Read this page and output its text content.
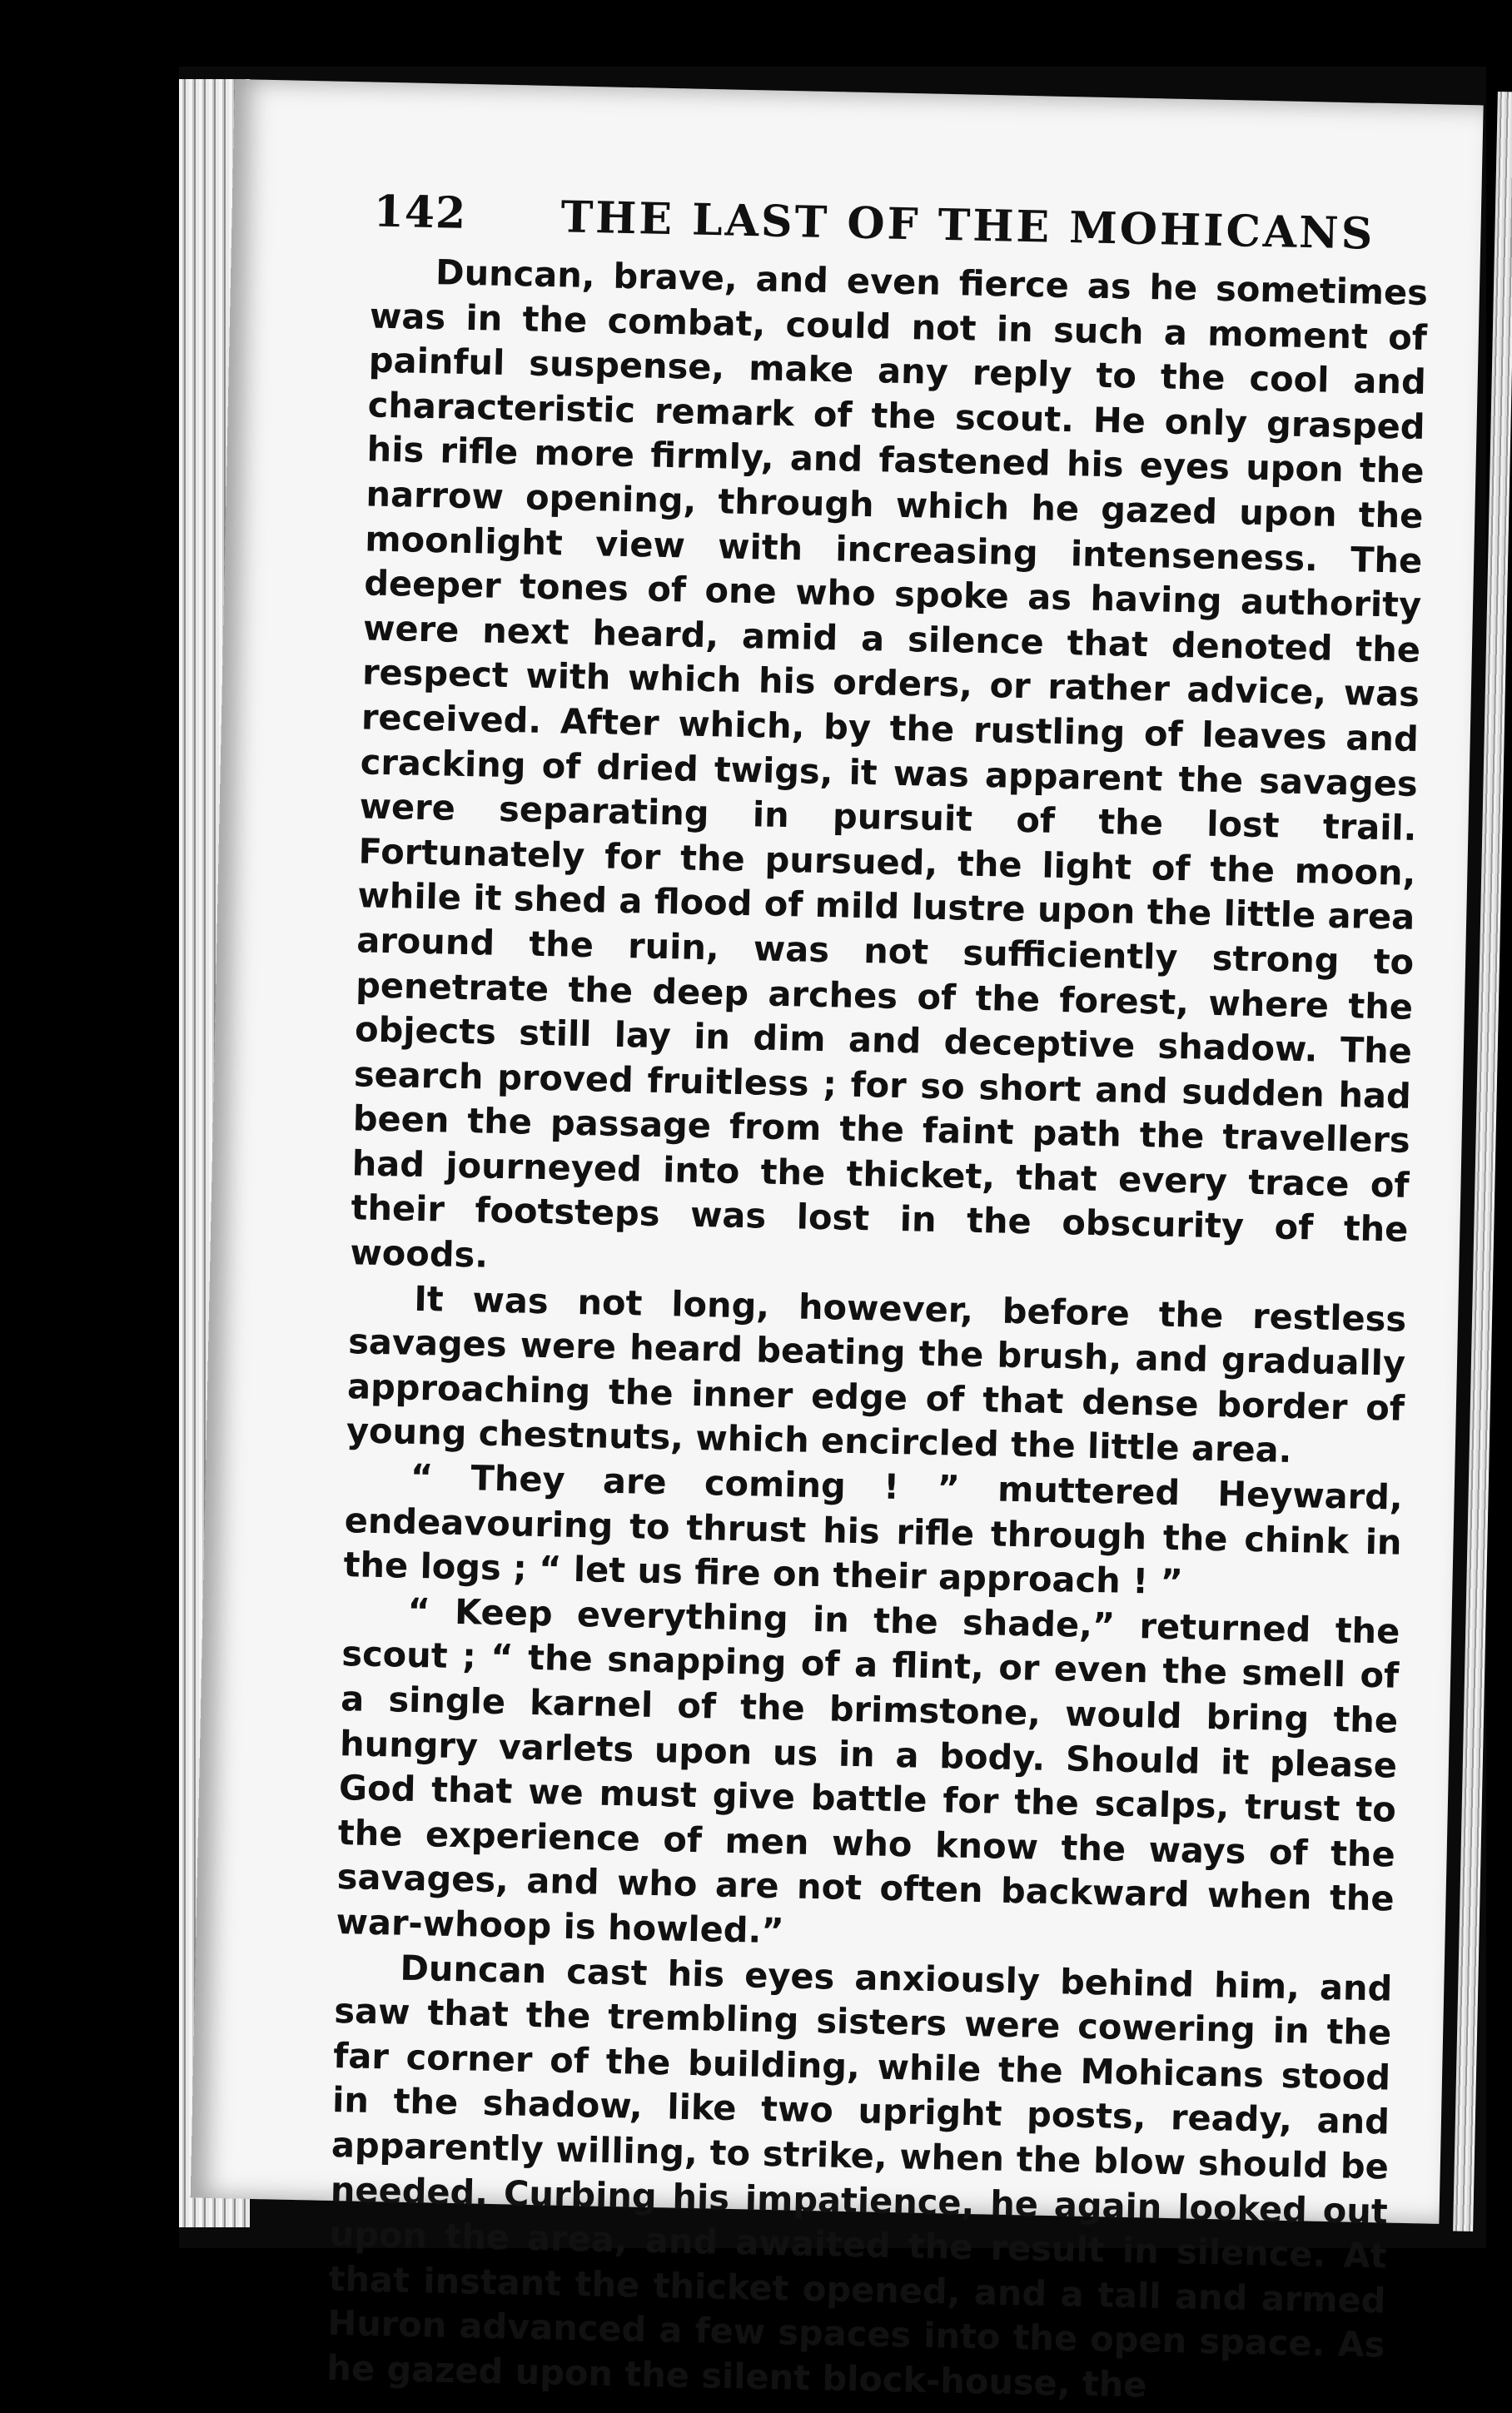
142 THE LAST OF THE MOHICANS

Duncan, brave, and even fierce as he sometimes was in the combat, could not in such a moment of painful suspense, make any reply to the cool and characteristic remark of the scout. He only grasped his rifle more firmly, and fastened his eyes upon the narrow opening, through which he gazed upon the moonlight view with increasing intenseness. The deeper tones of one who spoke as having authority were next heard, amid a silence that denoted the respect with which his orders, or rather advice, was received. After which, by the rustling of leaves and cracking of dried twigs, it was apparent the savages were separating in pursuit of the lost trail. Fortunately for the pursued, the light of the moon, while it shed a flood of mild lustre upon the little area around the ruin, was not sufficiently strong to penetrate the deep arches of the forest, where the objects still lay in dim and deceptive shadow. The search proved fruitless ; for so short and sudden had been the passage from the faint path the travellers had journeyed into the thicket, that every trace of their footsteps was lost in the obscurity of the woods.

It was not long, however, before the restless savages were heard beating the brush, and gradually approaching the inner edge of that dense border of young chestnuts, which encircled the little area.

“ They are coming ! ” muttered Heyward, endeavouring to thrust his rifle through the chink in the logs ; “ let us fire on their approach ! ”

“ Keep everything in the shade,” returned the scout ; “ the snapping of a flint, or even the smell of a single karnel of the brimstone, would bring the hungry varlets upon us in a body. Should it please God that we must give battle for the scalps, trust to the experience of men who know the ways of the savages, and who are not often backward when the war-whoop is howled.”

Duncan cast his eyes anxiously behind him, and saw that the trembling sisters were cowering in the far corner of the building, while the Mohicans stood in the shadow, like two upright posts, ready, and apparently willing, to strike, when the blow should be needed. Curbing his impatience, he again looked out upon the area, and awaited the result in silence. At that instant the thicket opened, and a tall and armed Huron advanced a few spaces into the open space. As he gazed upon the silent block-house, the
